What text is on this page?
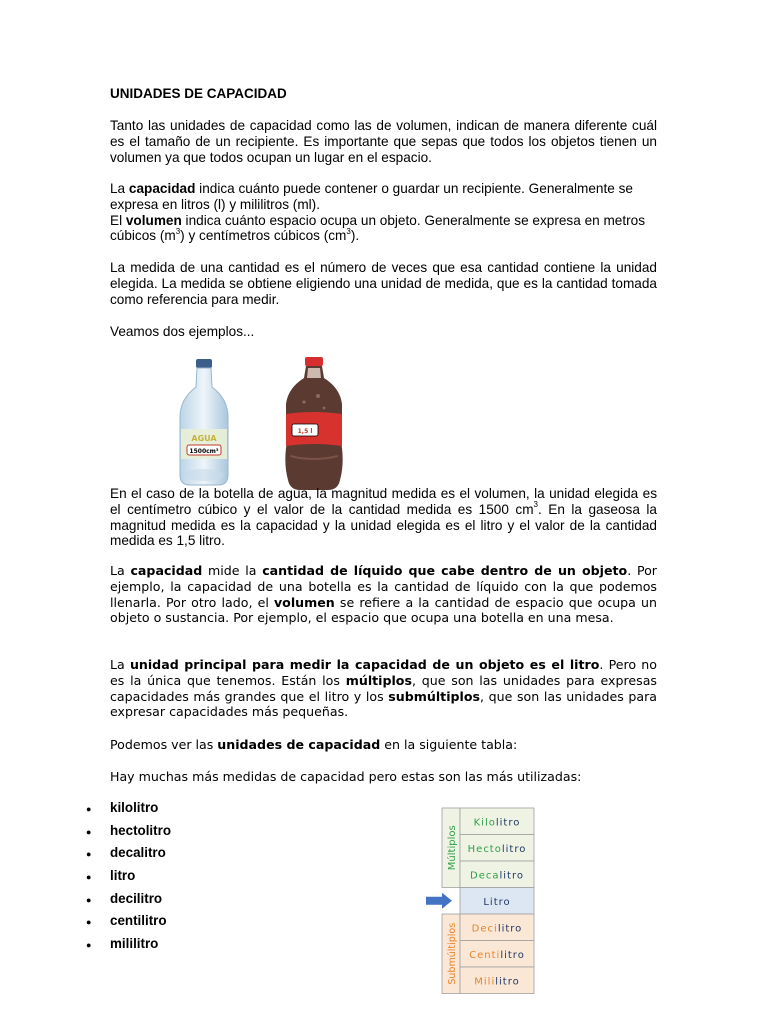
UNIDADES DE CAPACIDAD
Tanto las unidades de capacidad como las de volumen, indican de manera diferente cuál es el tamaño de un recipiente. Es importante que sepas que todos los objetos tienen un volumen ya que todos ocupan un lugar en el espacio.
La capacidad indica cuánto puede contener o guardar un recipiente. Generalmente se expresa en litros (l) y mililitros (ml).
El volumen indica cuánto espacio ocupa un objeto. Generalmente se expresa en metros cúbicos $(m^3)$ y centímetros cúbicos $(cm^3)$.
La medida de una cantidad es el número de veces que esa cantidad contiene la unidad elegida. La medida se obtiene eligiendo una unidad de medida, que es la cantidad tomada como referencia para medir.
Veamos dos ejemplos...
AGUA
1500cm³
1,5 l
En el caso de la botella de agua, la magnitud medida es el volumen, la unidad elegida es el centímetro cúbico y el valor de la cantidad medida es 1500 $cm^3$. En la gaseosa la magnitud medida es la capacidad y la unidad elegida es el litro y el valor de la cantidad medida es 1,5 litro.
La capacidad mide la cantidad de líquido que cabe dentro de un objeto. Por ejemplo, la capacidad de una botella es la cantidad de líquido con la que podemos llenarla. Por otro lado, el volumen se refiere a la cantidad de espacio que ocupa un objeto o sustancia. Por ejemplo, el espacio que ocupa una botella en una mesa.
La unidad principal para medir la capacidad de un objeto es el litro. Pero no es la única que tenemos. Están los múltiplos, que son las unidades para expresas capacidades más grandes que el litro y los submúltiplos, que son las unidades para expresar capacidades más pequeñas.
Podemos ver las unidades de capacidad en la siguiente tabla:
Hay muchas más medidas de capacidad pero estas son las más utilizadas:
● kilolitro
● hectolitro
● decalitro
● litro
● decilitro
● centilitro
● mililitro
Múltiplos
Submúltiplos
Kilolitro
Hectolitro
Decalitro
Litro
Decilitro
Centilitro
Mililitro
